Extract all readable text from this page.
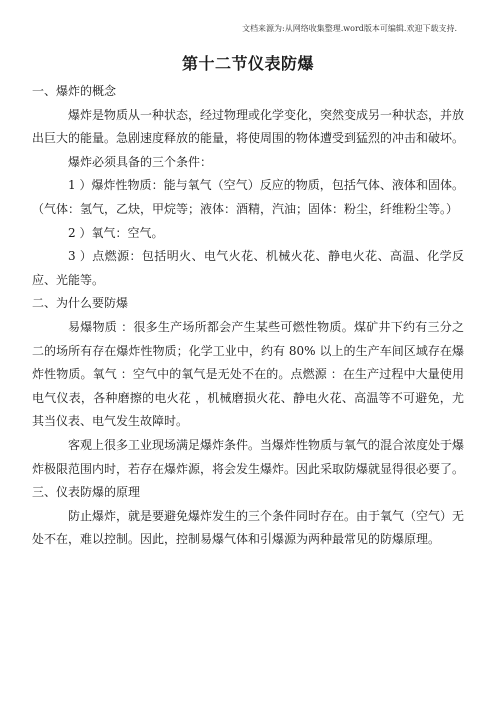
文档来源为:从网络收集整理.word版本可编辑.欢迎下载支持.
第十二节仪表防爆

一、爆炸的概念

爆炸是物质从一种状态，经过物理或化学变化，突然变成另一种状态，并放出巨大的能量。急剧速度释放的能量，将使周围的物体遭受到猛烈的冲击和破坏。

爆炸必须具备的三个条件：

1 ）爆炸性物质：能与氧气（空气）反应的物质，包括气体、液体和固体。（气体：氢气，乙炔，甲烷等；液体：酒精，汽油；固体：粉尘，纤维粉尘等。）

2 ）氧气：空气。

3 ）点燃源：包括明火、电气火花、机械火花、静电火花、高温、化学反应、光能等。

二、为什么要防爆

易爆物质 ：很多生产场所都会产生某些可燃性物质。煤矿井下约有三分之二的场所有存在爆炸性物质；化学工业中，约有 80% 以上的生产车间区域存在爆炸性物质。氧气 ：空气中的氧气是无处不在的。点燃源 ：在生产过程中大量使用电气仪表，各种磨擦的电火花 ，机械磨损火花、静电火花、高温等不可避免，尤其当仪表、电气发生故障时。

客观上很多工业现场满足爆炸条件。当爆炸性物质与氧气的混合浓度处于爆炸极限范围内时，若存在爆炸源，将会发生爆炸。因此采取防爆就显得很必要了。

三、仪表防爆的原理

防止爆炸，就是要避免爆炸发生的三个条件同时存在。由于氧气（空气）无处不在，难以控制。因此，控制易爆气体和引爆源为两种最常见的防爆原理。
